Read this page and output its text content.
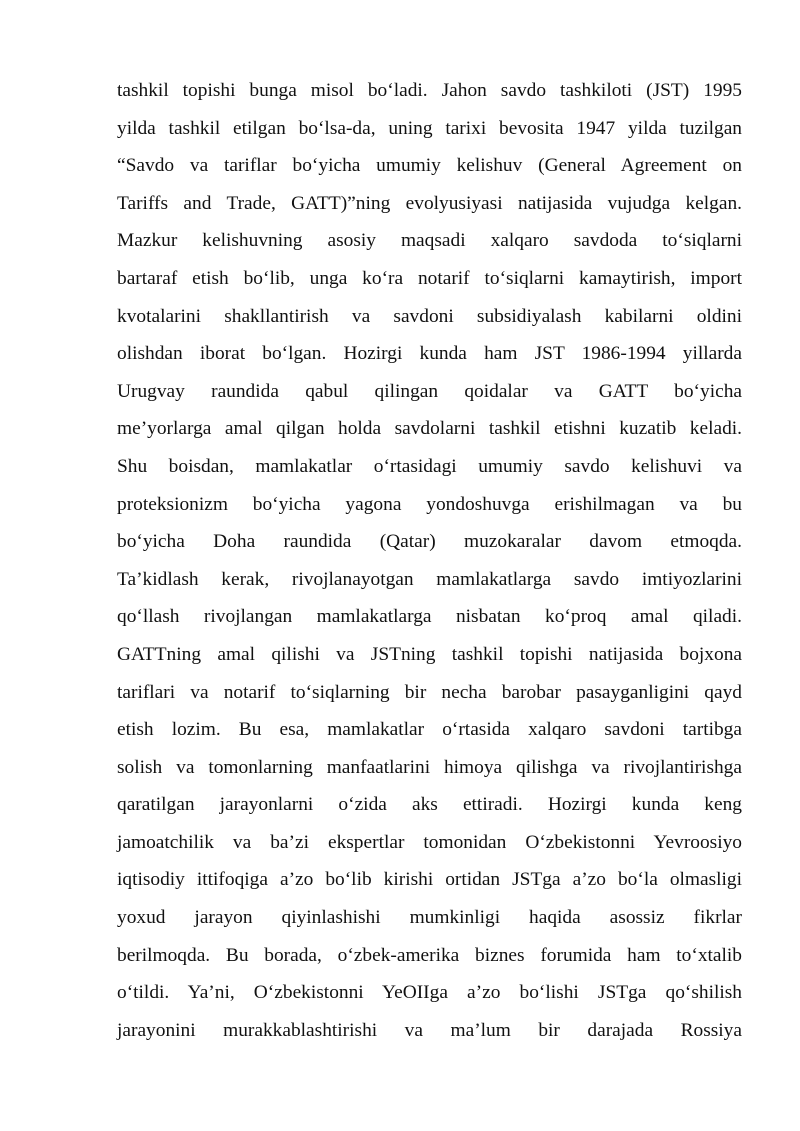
tashkil topishi bunga misol bo‘ladi. Jahon savdo tashkiloti (JST) 1995
yilda tashkil etilgan bo‘lsa-da, uning tarixi bevosita 1947 yilda tuzilgan
“Savdo va tariflar bo‘yicha umumiy kelishuv (General Agreement on
Tariffs and Trade, GATT)”ning evolyusiyasi natijasida vujudga kelgan.
Mazkur kelishuvning asosiy maqsadi xalqaro savdoda to‘siqlarni
bartaraf etish bo‘lib, unga ko‘ra notarif to‘siqlarni kamaytirish, import
kvotalarini shakllantirish va savdoni subsidiyalash kabilarni oldini
olishdan iborat bo‘lgan. Hozirgi kunda ham JST 1986-1994 yillarda
Urugvay raundida qabul qilingan qoidalar va GATT bo‘yicha
me’yorlarga amal qilgan holda savdolarni tashkil etishni kuzatib keladi.
Shu boisdan, mamlakatlar o‘rtasidagi umumiy savdo kelishuvi va
proteksionizm bo‘yicha yagona yondoshuvga erishilmagan va bu
bo‘yicha Doha raundida (Qatar) muzokaralar davom etmoqda.
Ta’kidlash kerak, rivojlanayotgan mamlakatlarga savdo imtiyozlarini
qo‘llash rivojlangan mamlakatlarga nisbatan ko‘proq amal qiladi.
GATTning amal qilishi va JSTning tashkil topishi natijasida bojxona
tariflari va notarif to‘siqlarning bir necha barobar pasayganligini qayd
etish lozim. Bu esa, mamlakatlar o‘rtasida xalqaro savdoni tartibga
solish va tomonlarning manfaatlarini himoya qilishga va rivojlantirishga
qaratilgan jarayonlarni o‘zida aks ettiradi. Hozirgi kunda keng
jamoatchilik va ba’zi ekspertlar tomonidan O‘zbekistonni Yevroosiyo
iqtisodiy ittifoqiga a’zo bo‘lib kirishi ortidan JSTga a’zo bo‘la olmasligi
yoxud jarayon qiyinlashishi mumkinligi haqida asossiz fikrlar
berilmoqda. Bu borada, o‘zbek-amerika biznes forumida ham to‘xtalib
o‘tildi. Ya’ni, O‘zbekistonni YeOIIga a’zo bo‘lishi JSTga qo‘shilish
jarayonini murakkablashtirishi va ma’lum bir darajada Rossiya
